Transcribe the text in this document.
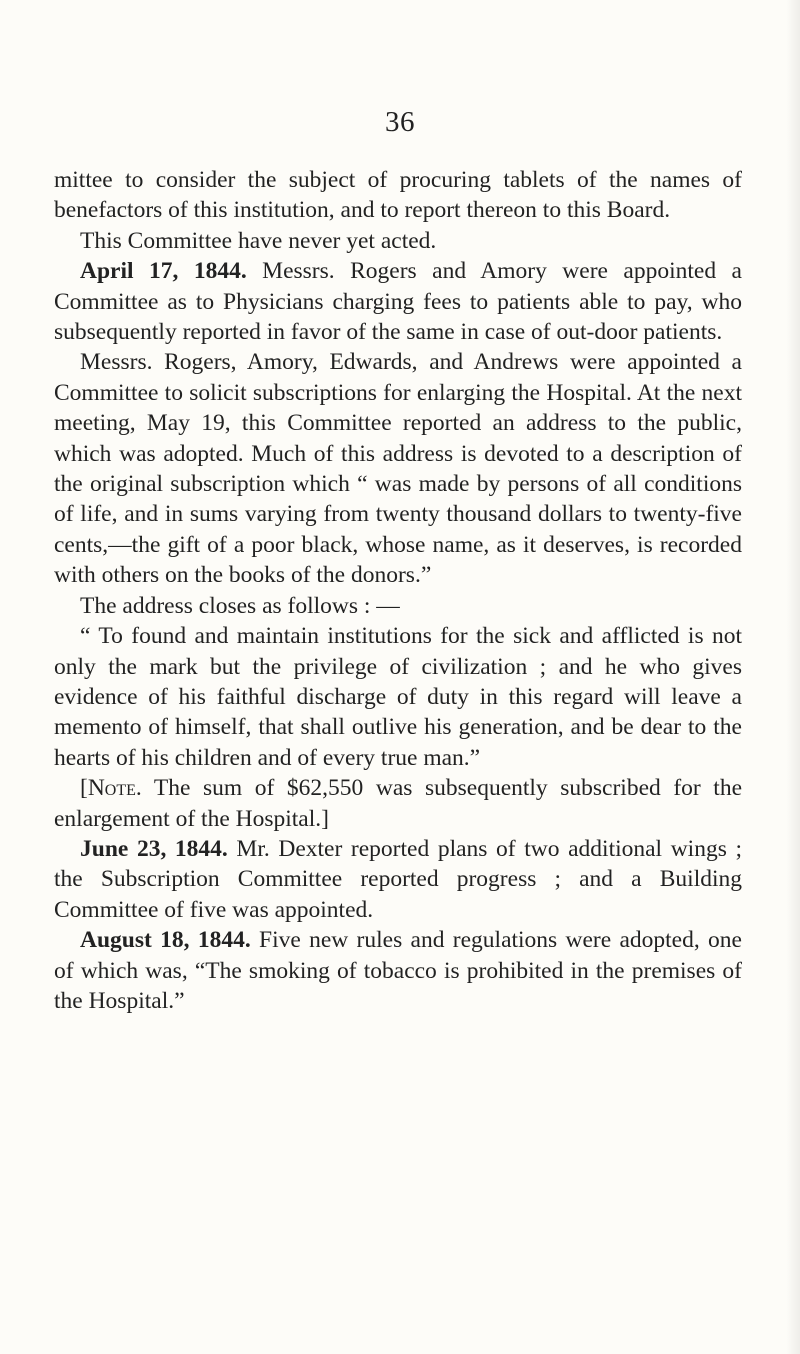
36

mittee to consider the subject of procuring tablets of the names of benefactors of this institution, and to report thereon to this Board.

This Committee have never yet acted.

April 17, 1844. Messrs. Rogers and Amory were appointed a Committee as to Physicians charging fees to patients able to pay, who subsequently reported in favor of the same in case of out-door patients.

Messrs. Rogers, Amory, Edwards, and Andrews were appointed a Committee to solicit subscriptions for enlarging the Hospital. At the next meeting, May 19, this Committee reported an address to the public, which was adopted. Much of this address is devoted to a description of the original subscription which “ was made by persons of all conditions of life, and in sums varying from twenty thousand dollars to twenty-five cents,—the gift of a poor black, whose name, as it deserves, is recorded with others on the books of the donors.”

The address closes as follows : —

“ To found and maintain institutions for the sick and afflicted is not only the mark but the privilege of civilization ; and he who gives evidence of his faithful discharge of duty in this regard will leave a memento of himself, that shall outlive his generation, and be dear to the hearts of his children and of every true man.”

[Note. The sum of $62,550 was subsequently subscribed for the enlargement of the Hospital.]

June 23, 1844. Mr. Dexter reported plans of two additional wings ; the Subscription Committee reported progress ; and a Building Committee of five was appointed.

August 18, 1844. Five new rules and regulations were adopted, one of which was, “The smoking of tobacco is prohibited in the premises of the Hospital.”
